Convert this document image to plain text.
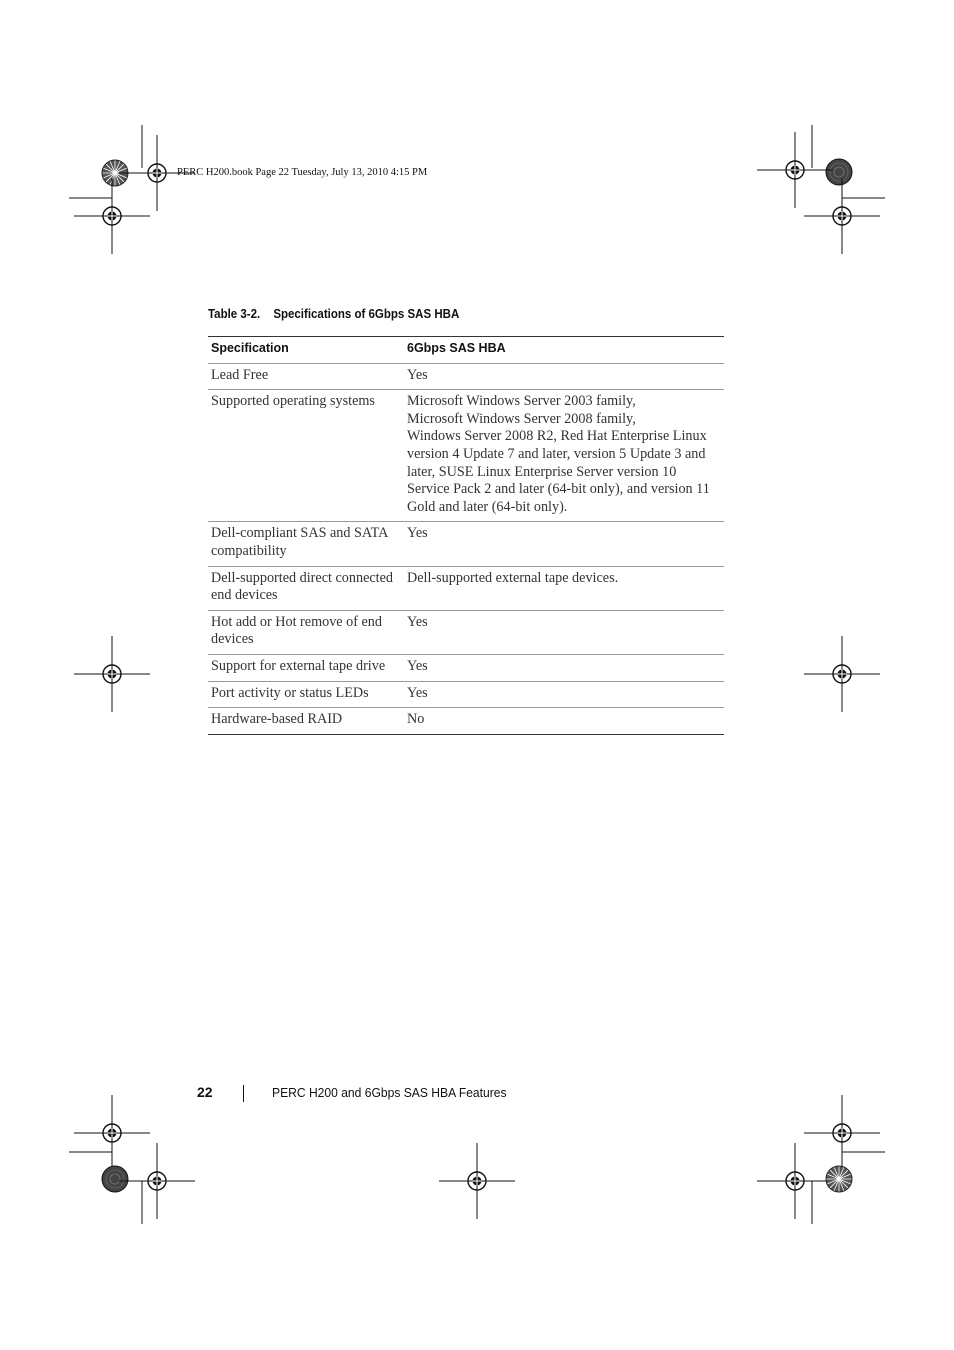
PERC H200.book Page 22 Tuesday, July 13, 2010 4:15 PM
Table 3-2. Specifications of 6Gbps SAS HBA
Specification	6Gbps SAS HBA
Lead Free	Yes
Supported operating systems	Microsoft Windows Server 2003 family,
Microsoft Windows Server 2008 family,
Windows Server 2008 R2, Red Hat Enterprise Linux version 4 Update 7 and later, version 5 Update 3 and later, SUSE Linux Enterprise Server version 10 Service Pack 2 and later (64-bit only), and version 11 Gold and later (64-bit only).
Dell-compliant SAS and SATA compatibility	Yes
Dell-supported direct connected end devices	Dell-supported external tape devices.
Hot add or Hot remove of end devices	Yes
Support for external tape drive	Yes
Port activity or status LEDs	Yes
Hardware-based RAID	No
22	PERC H200 and 6Gbps SAS HBA Features
